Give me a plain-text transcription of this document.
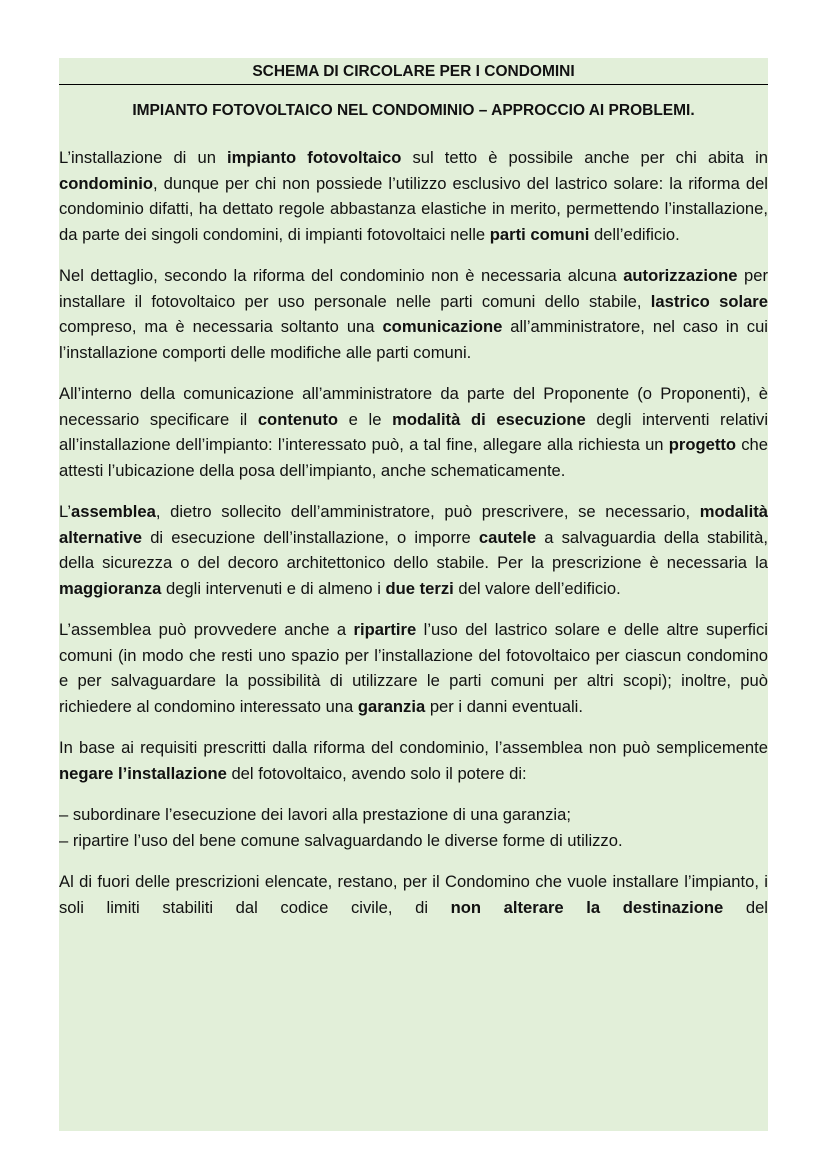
SCHEMA DI CIRCOLARE PER I CONDOMINI
IMPIANTO FOTOVOLTAICO NEL CONDOMINIO – APPROCCIO AI PROBLEMI.

L’installazione di un impianto fotovoltaico sul tetto è possibile anche per chi abita in condominio, dunque per chi non possiede l’utilizzo esclusivo del lastrico solare: la riforma del condominio difatti, ha dettato regole abbastanza elastiche in merito, permettendo l’installazione, da parte dei singoli condomini, di impianti fotovoltaici nelle parti comuni dell’edificio.

Nel dettaglio, secondo la riforma del condominio non è necessaria alcuna autorizzazione per installare il fotovoltaico per uso personale nelle parti comuni dello stabile, lastrico solare compreso, ma è necessaria soltanto una comunicazione all’amministratore, nel caso in cui l’installazione comporti delle modifiche alle parti comuni.

All’interno della comunicazione all’amministratore da parte del Proponente (o Proponenti), è necessario specificare il contenuto e le modalità di esecuzione degli interventi relativi all’installazione dell’impianto: l’interessato può, a tal fine, allegare alla richiesta un progetto che attesti l’ubicazione della posa dell’impianto, anche schematicamente.

L’assemblea, dietro sollecito dell’amministratore, può prescrivere, se necessario, modalità alternative di esecuzione dell’installazione, o imporre cautele a salvaguardia della stabilità, della sicurezza o del decoro architettonico dello stabile. Per la prescrizione è necessaria la maggioranza degli intervenuti e di almeno i due terzi del valore dell’edificio.

L’assemblea può provvedere anche a ripartire l’uso del lastrico solare e delle altre superfici comuni (in modo che resti uno spazio per l’installazione del fotovoltaico per ciascun condomino e per salvaguardare la possibilità di utilizzare le parti comuni per altri scopi); inoltre, può richiedere al condomino interessato una garanzia per i danni eventuali.

In base ai requisiti prescritti dalla riforma del condominio, l’assemblea non può semplicemente negare l’installazione del fotovoltaico, avendo solo il potere di:

– subordinare l’esecuzione dei lavori alla prestazione di una garanzia;
– ripartire l’uso del bene comune salvaguardando le diverse forme di utilizzo.

Al di fuori delle prescrizioni elencate, restano, per il Condomino che vuole installare l’impianto, i soli limiti stabiliti dal codice civile, di non alterare la destinazione del
